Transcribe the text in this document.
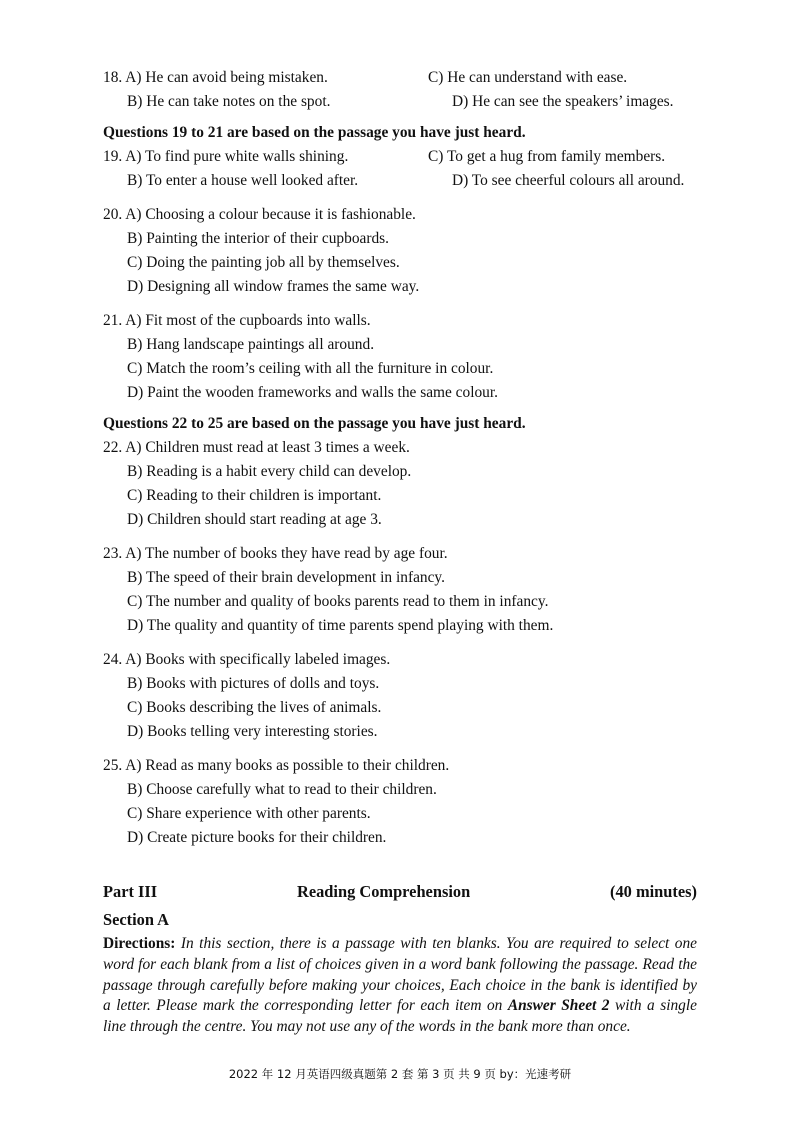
18. A) He can avoid being mistaken.	C) He can understand with ease.
B) He can take notes on the spot.	D) He can see the speakers’ images.
Questions 19 to 21 are based on the passage you have just heard.
19. A) To find pure white walls shining.	C) To get a hug from family members.
B) To enter a house well looked after.	D) To see cheerful colours all around.
20. A) Choosing a colour because it is fashionable.
B) Painting the interior of their cupboards.
C) Doing the painting job all by themselves.
D) Designing all window frames the same way.
21. A) Fit most of the cupboards into walls.
B) Hang landscape paintings all around.
C) Match the room’s ceiling with all the furniture in colour.
D) Paint the wooden frameworks and walls the same colour.
Questions 22 to 25 are based on the passage you have just heard.
22. A) Children must read at least 3 times a week.
B) Reading is a habit every child can develop.
C) Reading to their children is important.
D) Children should start reading at age 3.
23. A) The number of books they have read by age four.
B) The speed of their brain development in infancy.
C) The number and quality of books parents read to them in infancy.
D) The quality and quantity of time parents spend playing with them.
24. A) Books with specifically labeled images.
B) Books with pictures of dolls and toys.
C) Books describing the lives of animals.
D) Books telling very interesting stories.
25. A) Read as many books as possible to their children.
B) Choose carefully what to read to their children.
C) Share experience with other parents.
D) Create picture books for their children.
Part III	Reading Comprehension	(40 minutes)
Section A
Directions: In this section, there is a passage with ten blanks. You are required to select one word for each blank from a list of choices given in a word bank following the passage. Read the passage through carefully before making your choices, Each choice in the bank is identified by a letter. Please mark the corresponding letter for each item on Answer Sheet 2 with a single line through the centre. You may not use any of the words in the bank more than once.
2022 年 12 月英语四级真题第 2 套 第 3 页 共 9 页 by：光速考研
